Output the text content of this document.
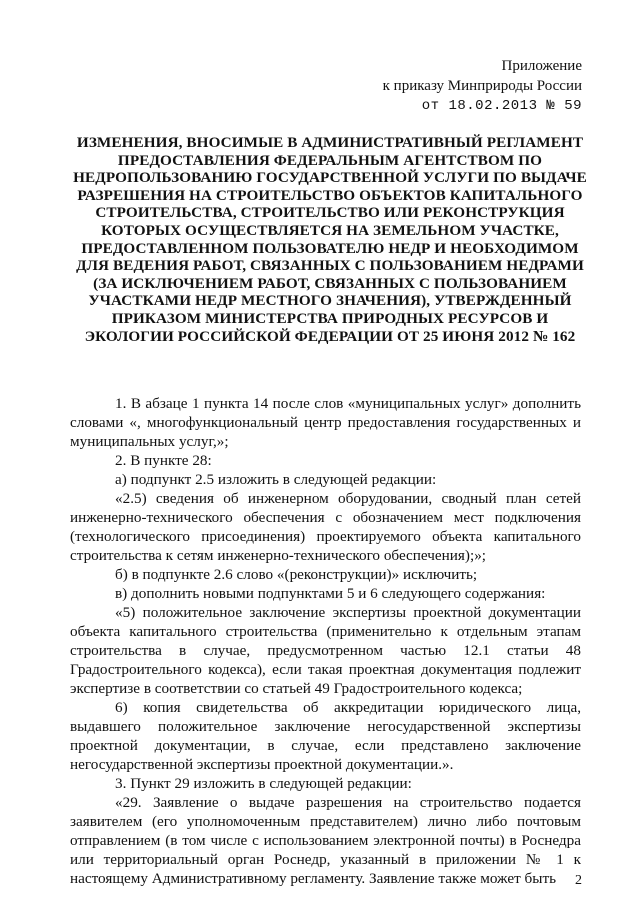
Приложение
к приказу Минприроды России
от 18.02.2013 № 59
ИЗМЕНЕНИЯ, ВНОСИМЫЕ В АДМИНИСТРАТИВНЫЙ РЕГЛАМЕНТ ПРЕДОСТАВЛЕНИЯ ФЕДЕРАЛЬНЫМ АГЕНТСТВОМ ПО НЕДРОПОЛЬЗОВАНИЮ ГОСУДАРСТВЕННОЙ УСЛУГИ ПО ВЫДАЧЕ РАЗРЕШЕНИЯ НА СТРОИТЕЛЬСТВО ОБЪЕКТОВ КАПИТАЛЬНОГО СТРОИТЕЛЬСТВА, СТРОИТЕЛЬСТВО ИЛИ РЕКОНСТРУКЦИЯ КОТОРЫХ ОСУЩЕСТВЛЯЕТСЯ НА ЗЕМЕЛЬНОМ УЧАСТКЕ, ПРЕДОСТАВЛЕННОМ ПОЛЬЗОВАТЕЛЮ НЕДР И НЕОБХОДИМОМ ДЛЯ ВЕДЕНИЯ РАБОТ, СВЯЗАННЫХ С ПОЛЬЗОВАНИЕМ НЕДРАМИ (ЗА ИСКЛЮЧЕНИЕМ РАБОТ, СВЯЗАННЫХ С ПОЛЬЗОВАНИЕМ УЧАСТКАМИ НЕДР МЕСТНОГО ЗНАЧЕНИЯ), УТВЕРЖДЕННЫЙ ПРИКАЗОМ МИНИСТЕРСТВА ПРИРОДНЫХ РЕСУРСОВ И ЭКОЛОГИИ РОССИЙСКОЙ ФЕДЕРАЦИИ ОТ 25 ИЮНЯ 2012 № 162

1. В абзаце 1 пункта 14 после слов «муниципальных услуг» дополнить словами «, многофункциональный центр предоставления государственных и муниципальных услуг,»;

2. В пункте 28:

а) подпункт 2.5 изложить в следующей редакции:

«2.5) сведения об инженерном оборудовании, сводный план сетей инженерно-технического обеспечения с обозначением мест подключения (технологического присоединения) проектируемого объекта капитального строительства к сетям инженерно-технического обеспечения);»;

б) в подпункте 2.6 слово «(реконструкции)» исключить;

в) дополнить новыми подпунктами 5 и 6 следующего содержания:

«5) положительное заключение экспертизы проектной документации объекта капитального строительства (применительно к отдельным этапам строительства в случае, предусмотренном частью 12.1 статьи 48 Градостроительного кодекса), если такая проектная документация подлежит экспертизе в соответствии со статьей 49 Градостроительного кодекса;

6) копия свидетельства об аккредитации юридического лица, выдавшего положительное заключение негосударственной экспертизы проектной документации, в случае, если представлено заключение негосударственной экспертизы проектной документации.».

3. Пункт 29 изложить в следующей редакции:

«29. Заявление о выдаче разрешения на строительство подается заявителем (его уполномоченным представителем) лично либо почтовым отправлением (в том числе с использованием электронной почты) в Роснедра или территориальный орган Роснедр, указанный в приложении № 1 к настоящему Административному регламенту. Заявление также может быть	2
